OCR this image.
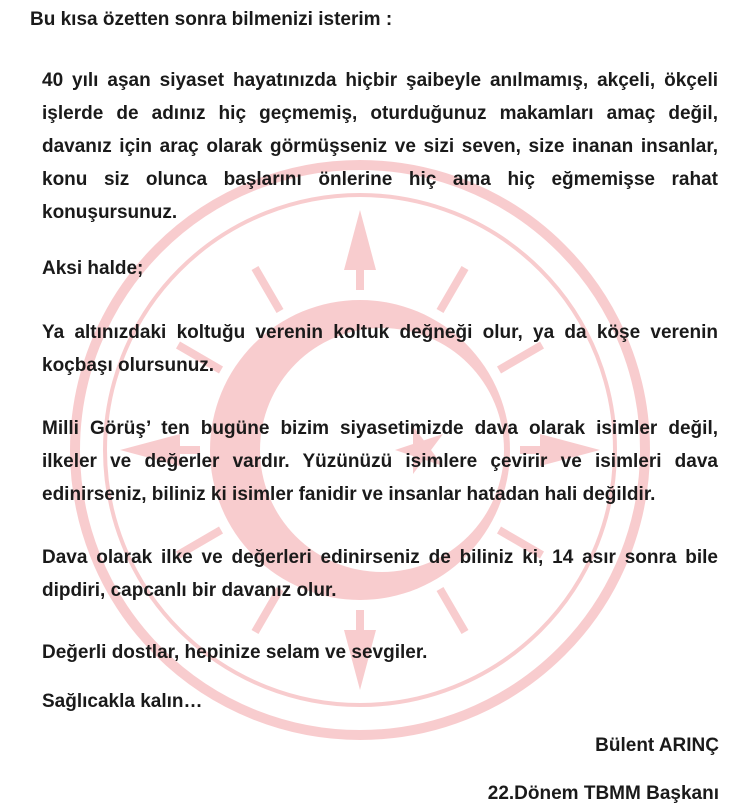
Bu kısa özetten sonra bilmenizi isterim :
40 yılı aşan siyaset hayatınızda hiçbir şaibeyle anılmamış, akçeli, ökçeli işlerde de adınız hiç geçmemiş, oturduğunuz makamları amaç değil, davanız için araç olarak görmüşseniz ve sizi seven, size inanan insanlar, konu siz olunca başlarını önlerine hiç ama hiç eğmemişse rahat konuşursunuz.
Aksi halde;
Ya altınızdaki koltuğu verenin koltuk değneği olur, ya da köşe verenin koçbaşı olursunuz.
Milli Görüş’ ten bugüne bizim siyasetimizde dava olarak isimler değil, ilkeler ve değerler vardır. Yüzünüzü isimlere çevirir ve isimleri dava edinirseniz, biliniz ki isimler fanidir ve insanlar hatadan hali değildir.
Dava olarak ilke ve değerleri edinirseniz de biliniz ki, 14 asır sonra bile dipdiri, capcanlı bir davanız olur.
Değerli dostlar, hepinize selam ve sevgiler.
Sağlıcakla kalın…
Bülent ARINÇ
22.Dönem TBMM Başkanı
